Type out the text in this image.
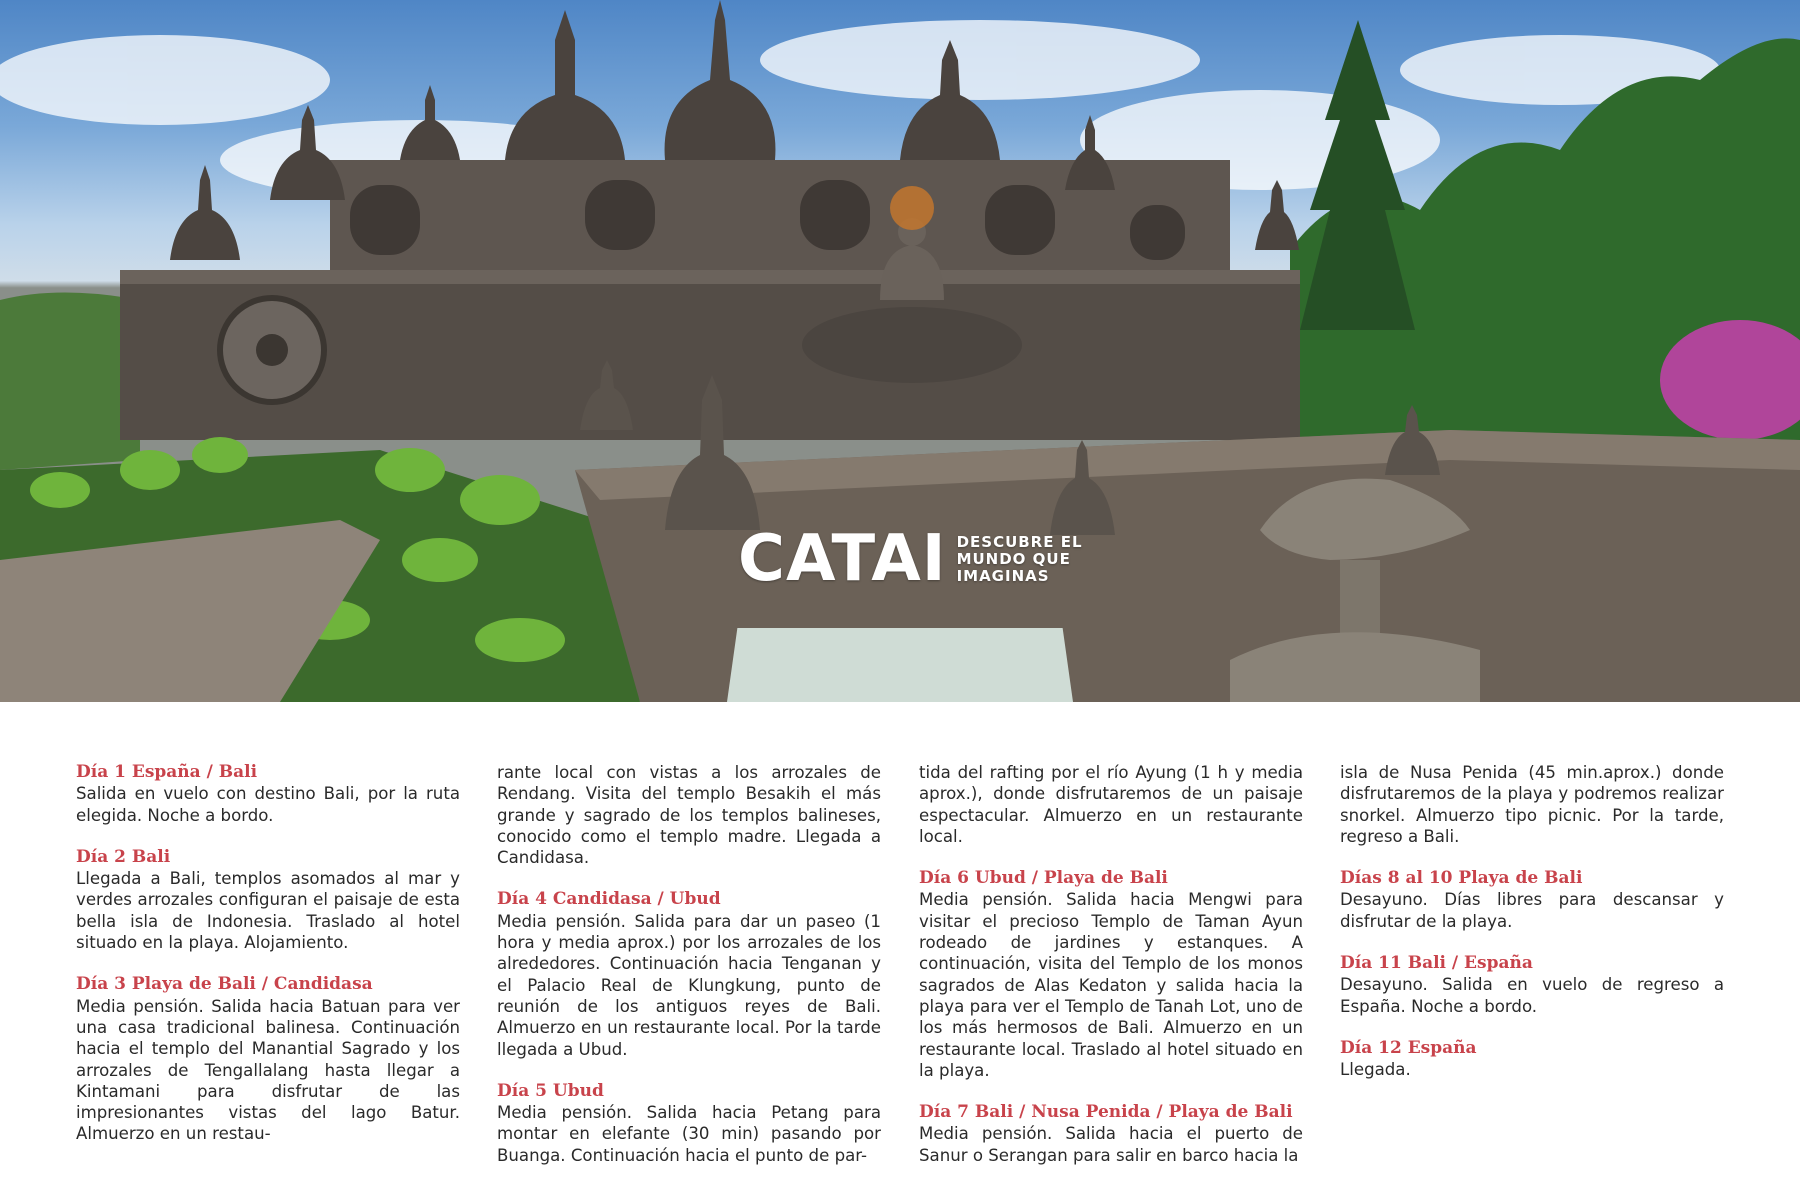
CATAI DESCUBRE EL
MUNDO QUE
IMAGINAS
Día 1 España / Bali

Salida en vuelo con destino Bali, por la ruta elegida. Noche a bordo.

Día 2 Bali

Llegada a Bali, templos asomados al mar y verdes arrozales configuran el paisaje de esta bella isla de Indonesia. Traslado al hotel situado en la playa. Alojamiento.

Día 3 Playa de Bali / Candidasa

Media pensión. Salida hacia Batuan para ver una casa tradicional balinesa. Continuación hacia el templo del Manantial Sagrado y los arrozales de Tengallalang hasta llegar a Kintamani para disfrutar de las impresionantes vistas del lago Batur. Almuerzo en un restau-

rante local con vistas a los arrozales de Rendang. Visita del templo Besakih el más grande y sagrado de los templos balineses, conocido como el templo madre. Llegada a Candidasa.

Día 4 Candidasa / Ubud

Media pensión. Salida para dar un paseo (1 hora y media aprox.) por los arrozales de los alrededores. Continuación hacia Tenganan y el Palacio Real de Klungkung, punto de reunión de los antiguos reyes de Bali. Almuerzo en un restaurante local. Por la tarde llegada a Ubud.

Día 5 Ubud

Media pensión. Salida hacia Petang para montar en elefante (30 min) pasando por Buanga. Continuación hacia el punto de par-

tida del rafting por el río Ayung (1 h y media aprox.), donde disfrutaremos de un paisaje espectacular. Almuerzo en un restaurante local.

Día 6 Ubud / Playa de Bali

Media pensión. Salida hacia Mengwi para visitar el precioso Templo de Taman Ayun rodeado de jardines y estanques. A continuación, visita del Templo de los monos sagrados de Alas Kedaton y salida hacia la playa para ver el Templo de Tanah Lot, uno de los más hermosos de Bali. Almuerzo en un restaurante local. Traslado al hotel situado en la playa.

Día 7 Bali / Nusa Penida / Playa de Bali

Media pensión. Salida hacia el puerto de Sanur o Serangan para salir en barco hacia la

isla de Nusa Penida (45 min.aprox.) donde disfrutaremos de la playa y podremos realizar snorkel. Almuerzo tipo picnic. Por la tarde, regreso a Bali.

Días 8 al 10 Playa de Bali

Desayuno. Días libres para descansar y disfrutar de la playa.

Día 11 Bali / España

Desayuno. Salida en vuelo de regreso a España. Noche a bordo.

Día 12 España

Llegada.
